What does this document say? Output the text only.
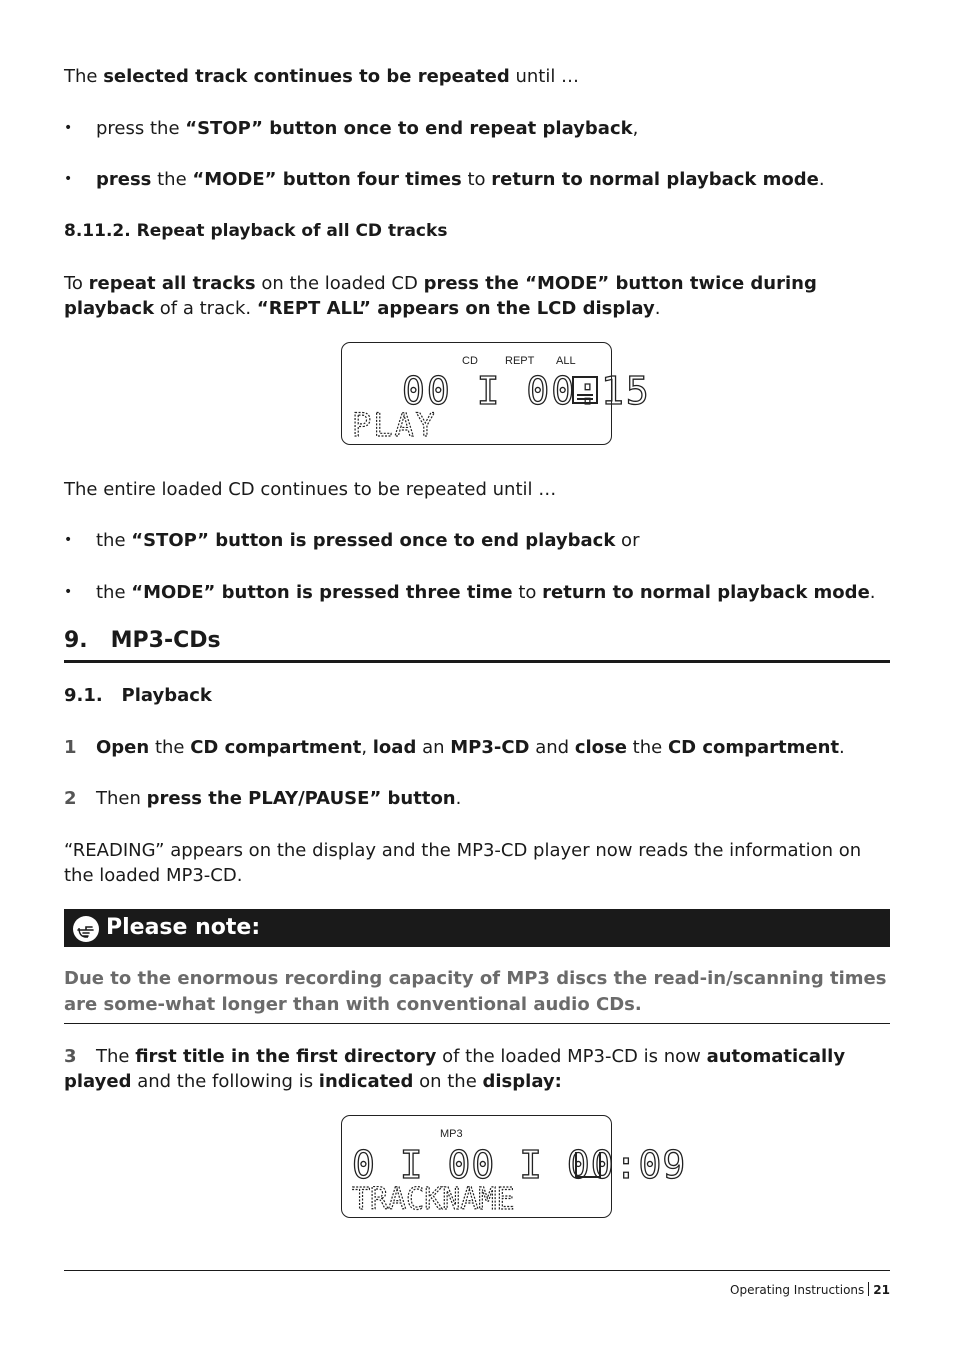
The selected track continues to be repeated until …
• press the “STOP” button once to end repeat playback,
• press the “MODE” button four times to return to normal playback mode.
8.11.2. Repeat playback of all CD tracks
To repeat all tracks on the loaded CD press the “MODE” button twice during playback of a track. “REPT ALL” appears on the LCD display.
CD REPT ALL
00 I 00:15
PLAY
The entire loaded CD continues to be repeated until …
• the “STOP” button is pressed once to end playback or
• the “MODE” button is pressed three time to return to normal playback mode.
9.   MP3-CDs
9.1.   Playback
1 Open the CD compartment, load an MP3-CD and close the CD compartment.
2 Then press the PLAY/PAUSE” button.
“READING” appears on the display and the MP3-CD player now reads the information on the loaded MP3-CD.
Please note:
Due to the enormous recording capacity of MP3 discs the read-in/scanning times are some-what longer than with conventional audio CDs.
3	The first title in the first directory of the loaded MP3-CD is now automatically played and the following is indicated on the display:
MP3
0 I 00 I 00:09
TRACKNAME
Operating Instructions 21
